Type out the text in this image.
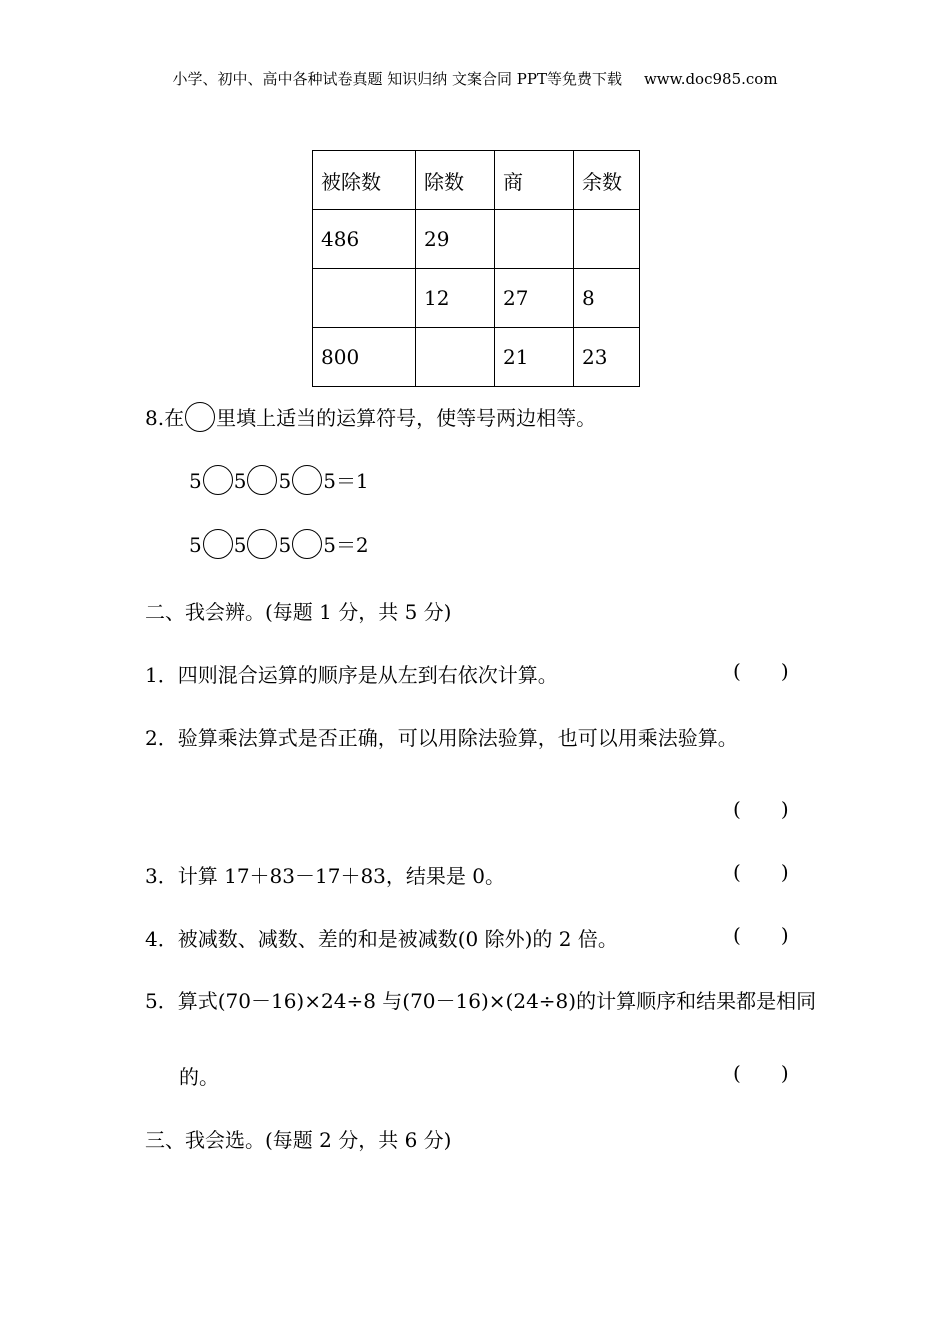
小学、初中、高中各种试卷真题 知识归纳 文案合同 PPT等免费下载 www.doc985.com
被除数	除数	商	余数
486	29		
	12	27	8
800		21	23
8.在 里填上适当的运算符号，使等号两边相等。
5 5 5 5＝1
5 5 5 5＝2
二、我会辨。(每题 1 分，共 5 分)
1．四则混合运算的顺序是从左到右依次计算。	( )
2．验算乘法算式是否正确，可以用除法验算，也可以用乘法验算。
( )
3．计算 17＋83－17＋83，结果是 0。	( )
4．被减数、减数、差的和是被减数(0 除外)的 2 倍。	( )
5．算式(70－16)×24÷8 与(70－16)×(24÷8)的计算顺序和结果都是相同
的。	( )
三、我会选。(每题 2 分，共 6 分)
